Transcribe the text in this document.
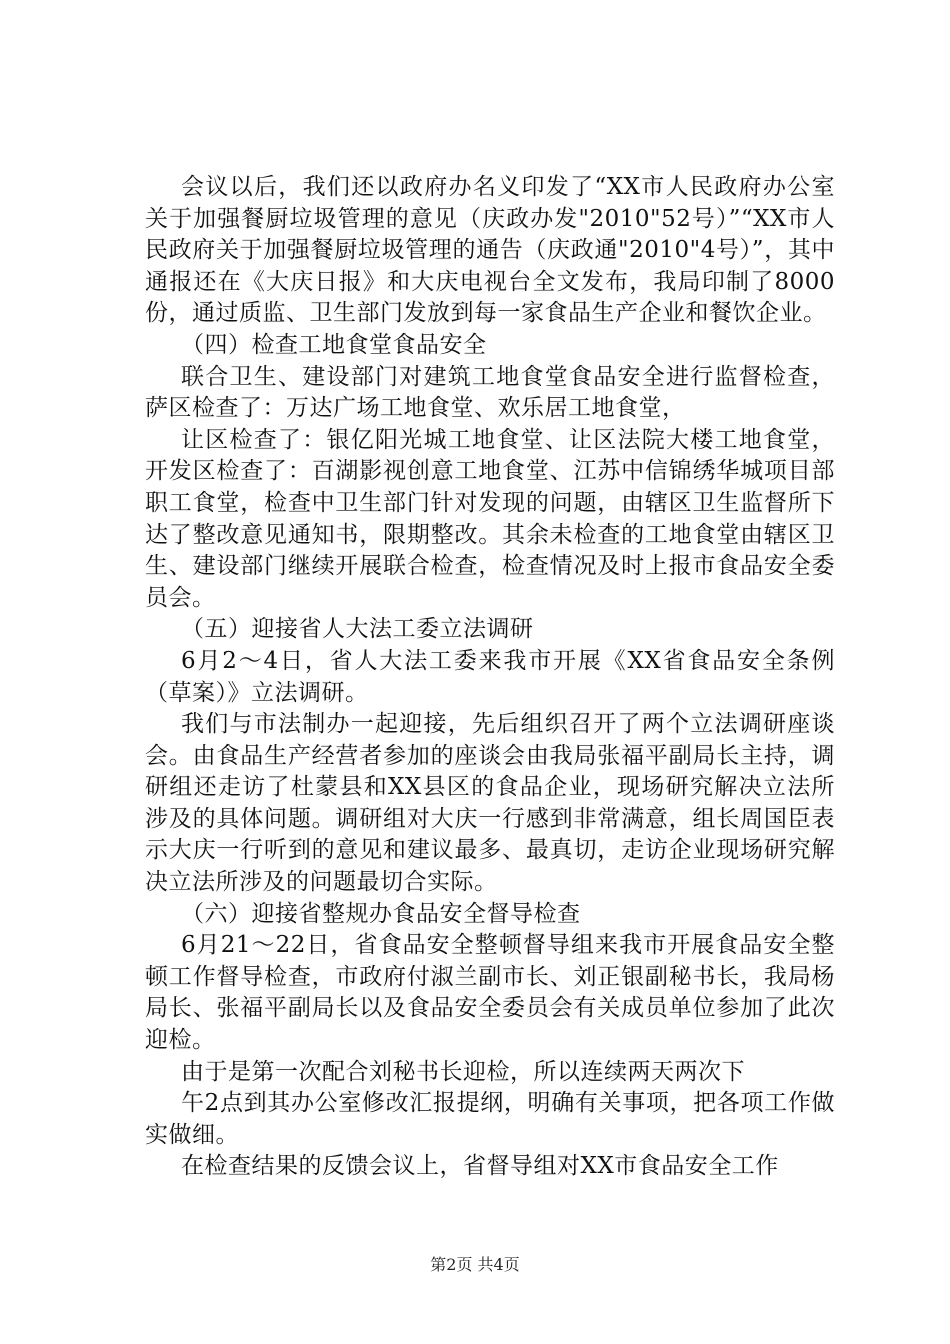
会议以后，我们还以政府办名义印发了“XX市人民政府办公室关于加强餐厨垃圾管理的意见（庆政办发"2010"52号）”“XX市人民政府关于加强餐厨垃圾管理的通告（庆政通"2010"4号）”，其中通报还在《大庆日报》和大庆电视台全文发布，我局印制了8000份，通过质监、卫生部门发放到每一家食品生产企业和餐饮企业。

（四）检查工地食堂食品安全

联合卫生、建设部门对建筑工地食堂食品安全进行监督检查，萨区检查了：万达广场工地食堂、欢乐居工地食堂，

让区检查了：银亿阳光城工地食堂、让区法院大楼工地食堂，开发区检查了：百湖影视创意工地食堂、江苏中信锦绣华城项目部职工食堂，检查中卫生部门针对发现的问题，由辖区卫生监督所下达了整改意见通知书，限期整改。其余未检查的工地食堂由辖区卫生、建设部门继续开展联合检查，检查情况及时上报市食品安全委员会。

（五）迎接省人大法工委立法调研

6月2～4日，省人大法工委来我市开展《XX省食品安全条例（草案）》立法调研。

我们与市法制办一起迎接，先后组织召开了两个立法调研座谈会。由食品生产经营者参加的座谈会由我局张福平副局长主持，调研组还走访了杜蒙县和XX县区的食品企业，现场研究解决立法所涉及的具体问题。调研组对大庆一行感到非常满意，组长周国臣表示大庆一行听到的意见和建议最多、最真切，走访企业现场研究解决立法所涉及的问题最切合实际。

（六）迎接省整规办食品安全督导检查

6月21～22日，省食品安全整顿督导组来我市开展食品安全整顿工作督导检查，市政府付淑兰副市长、刘正银副秘书长，我局杨局长、张福平副局长以及食品安全委员会有关成员单位参加了此次迎检。

由于是第一次配合刘秘书长迎检，所以连续两天两次下

午2点到其办公室修改汇报提纲，明确有关事项，把各项工作做实做细。

在检查结果的反馈会议上，省督导组对XX市食品安全工作

第2页 共4页
